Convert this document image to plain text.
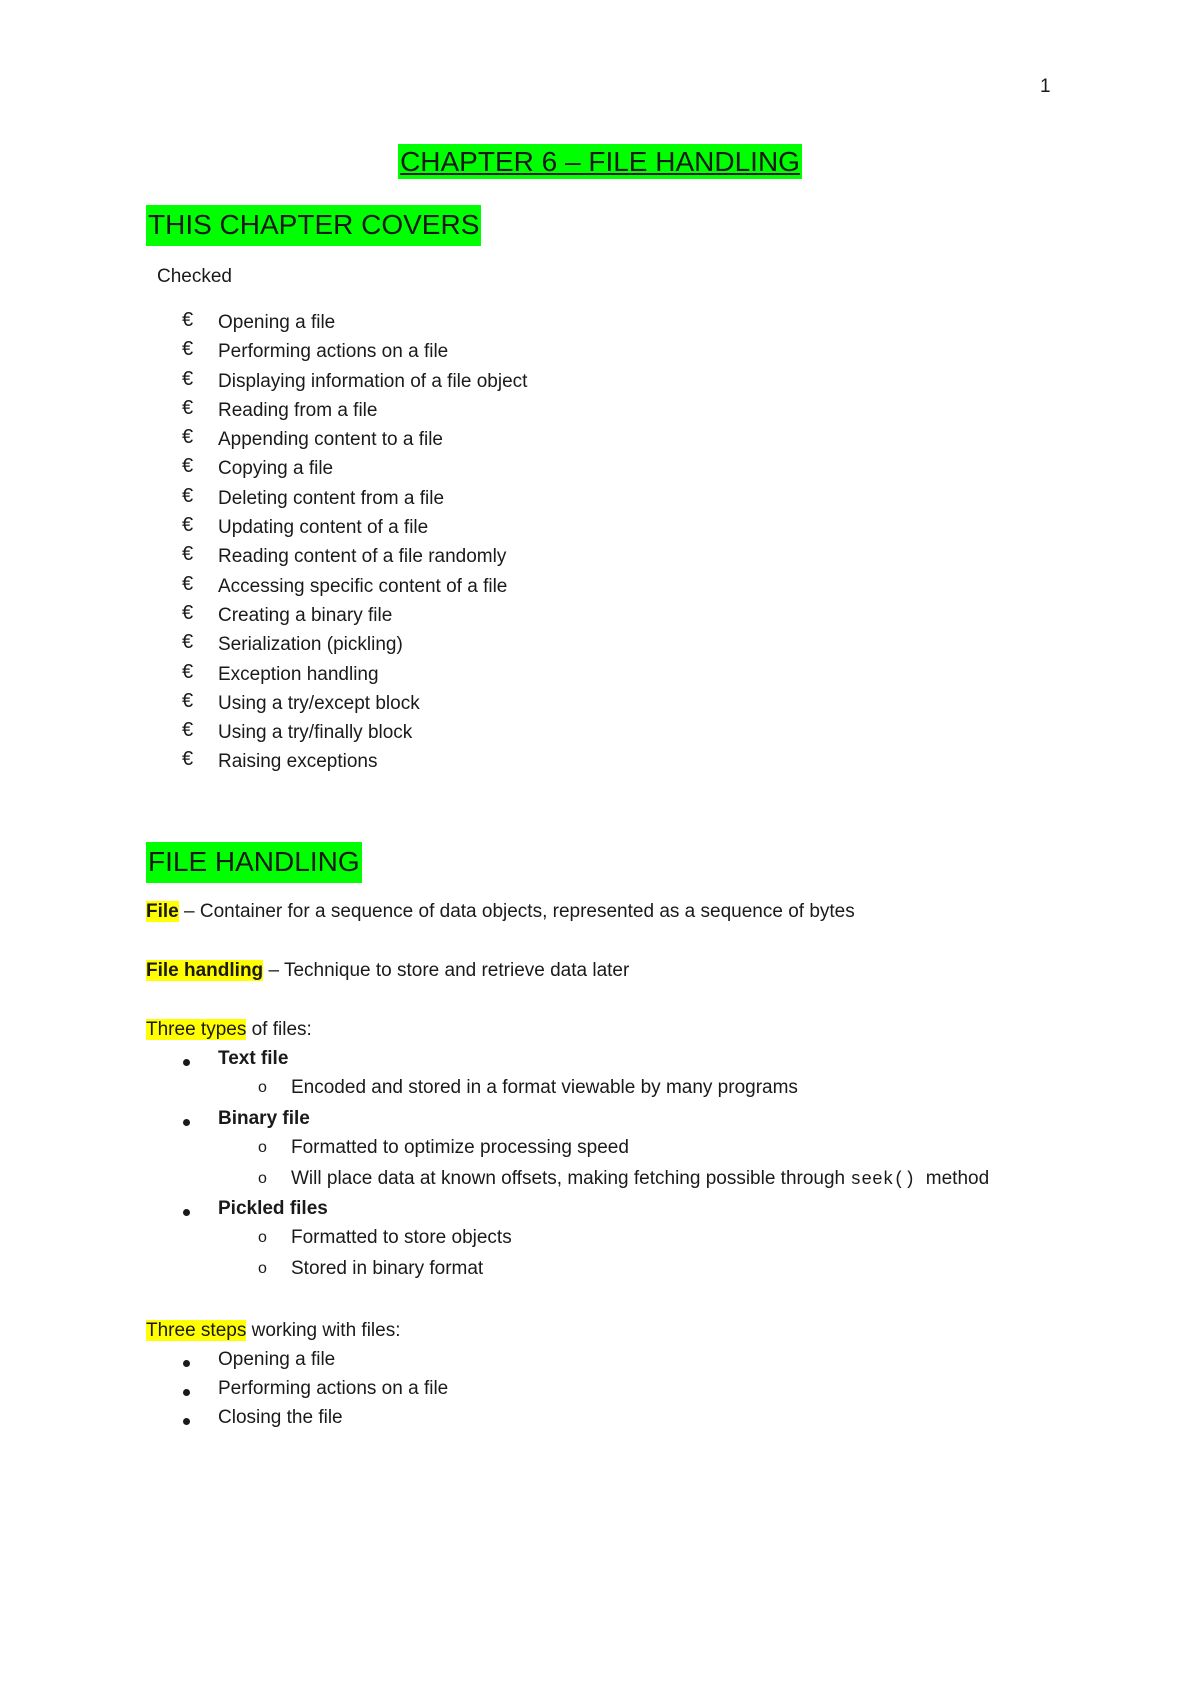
1
CHAPTER 6 – FILE HANDLING
THIS CHAPTER COVERS
Checked
€ Opening a file
€ Performing actions on a file
€ Displaying information of a file object
€ Reading from a file
€ Appending content to a file
€ Copying a file
€ Deleting content from a file
€ Updating content of a file
€ Reading content of a file randomly
€ Accessing specific content of a file
€ Creating a binary file
€ Serialization (pickling)
€ Exception handling
€ Using a try/except block
€ Using a try/finally block
€ Raising exceptions
FILE HANDLING
File – Container for a sequence of data objects, represented as a sequence of bytes
File handling – Technique to store and retrieve data later
Three types of files:
Text file
o Encoded and stored in a format viewable by many programs
Binary file
o Formatted to optimize processing speed
o Will place data at known offsets, making fetching possible through seek()  method
Pickled files
o Formatted to store objects
o Stored in binary format
Three steps working with files:
Opening a file
Performing actions on a file
Closing the file
